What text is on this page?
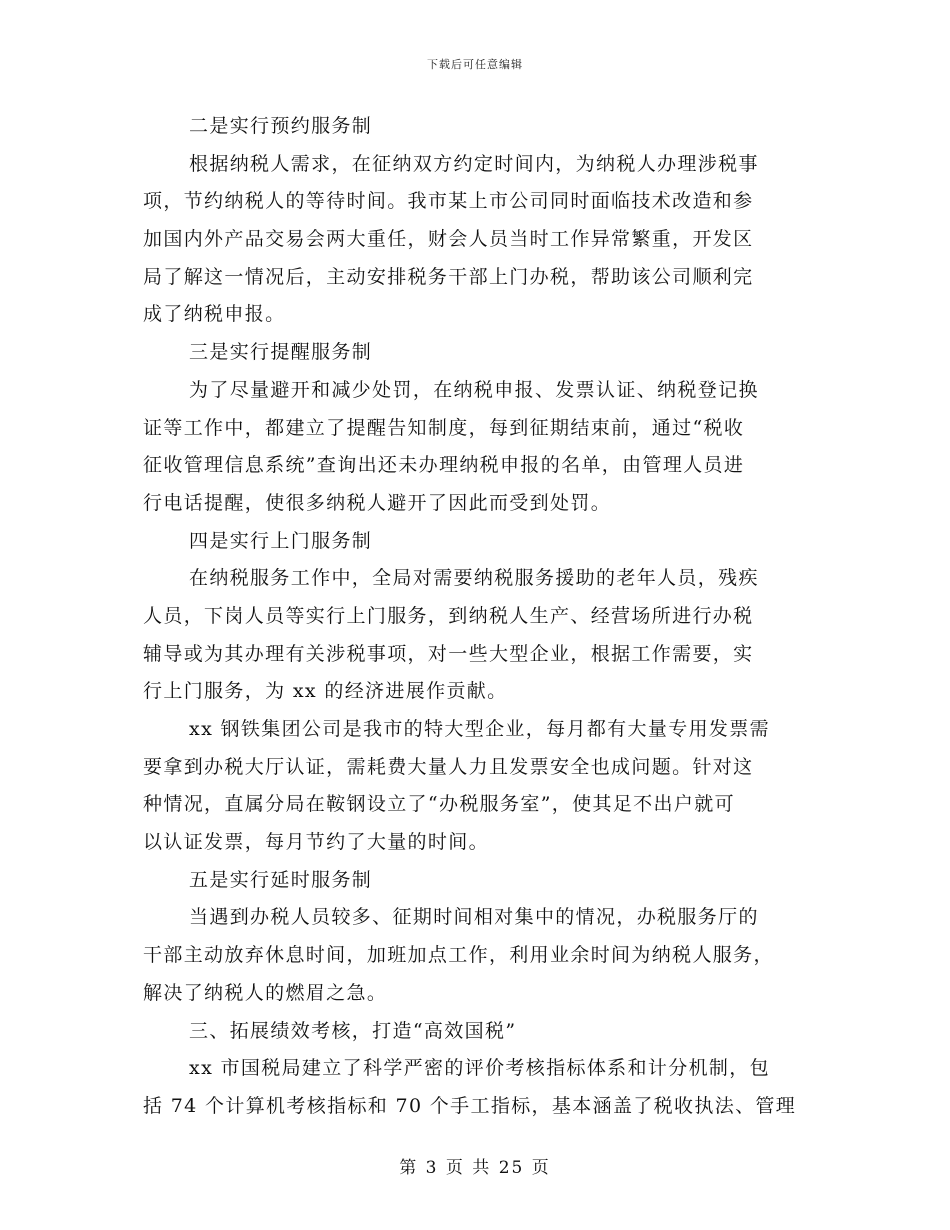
下载后可任意编辑
二是实行预约服务制
根据纳税人需求，在征纳双方约定时间内，为纳税人办理涉税事
项，节约纳税人的等待时间。我市某上市公司同时面临技术改造和参
加国内外产品交易会两大重任，财会人员当时工作异常繁重，开发区
局了解这一情况后，主动安排税务干部上门办税，帮助该公司顺利完
成了纳税申报。
三是实行提醒服务制
为了尽量避开和减少处罚，在纳税申报、发票认证、纳税登记换
证等工作中，都建立了提醒告知制度，每到征期结束前，通过“税收
征收管理信息系统”查询出还未办理纳税申报的名单，由管理人员进
行电话提醒，使很多纳税人避开了因此而受到处罚。
四是实行上门服务制
在纳税服务工作中，全局对需要纳税服务援助的老年人员，残疾
人员，下岗人员等实行上门服务，到纳税人生产、经营场所进行办税
辅导或为其办理有关涉税事项，对一些大型企业，根据工作需要，实
行上门服务，为 xx 的经济进展作贡献。
xx 钢铁集团公司是我市的特大型企业，每月都有大量专用发票需
要拿到办税大厅认证，需耗费大量人力且发票安全也成问题。针对这
种情况，直属分局在鞍钢设立了“办税服务室”，使其足不出户就可
以认证发票，每月节约了大量的时间。
五是实行延时服务制
当遇到办税人员较多、征期时间相对集中的情况，办税服务厅的
干部主动放弃休息时间，加班加点工作，利用业余时间为纳税人服务，
解决了纳税人的燃眉之急。
三、拓展绩效考核，打造“高效国税”
xx 市国税局建立了科学严密的评价考核指标体系和计分机制，包
括 74 个计算机考核指标和 70 个手工指标，基本涵盖了税收执法、管理
第 3 页 共 25 页
